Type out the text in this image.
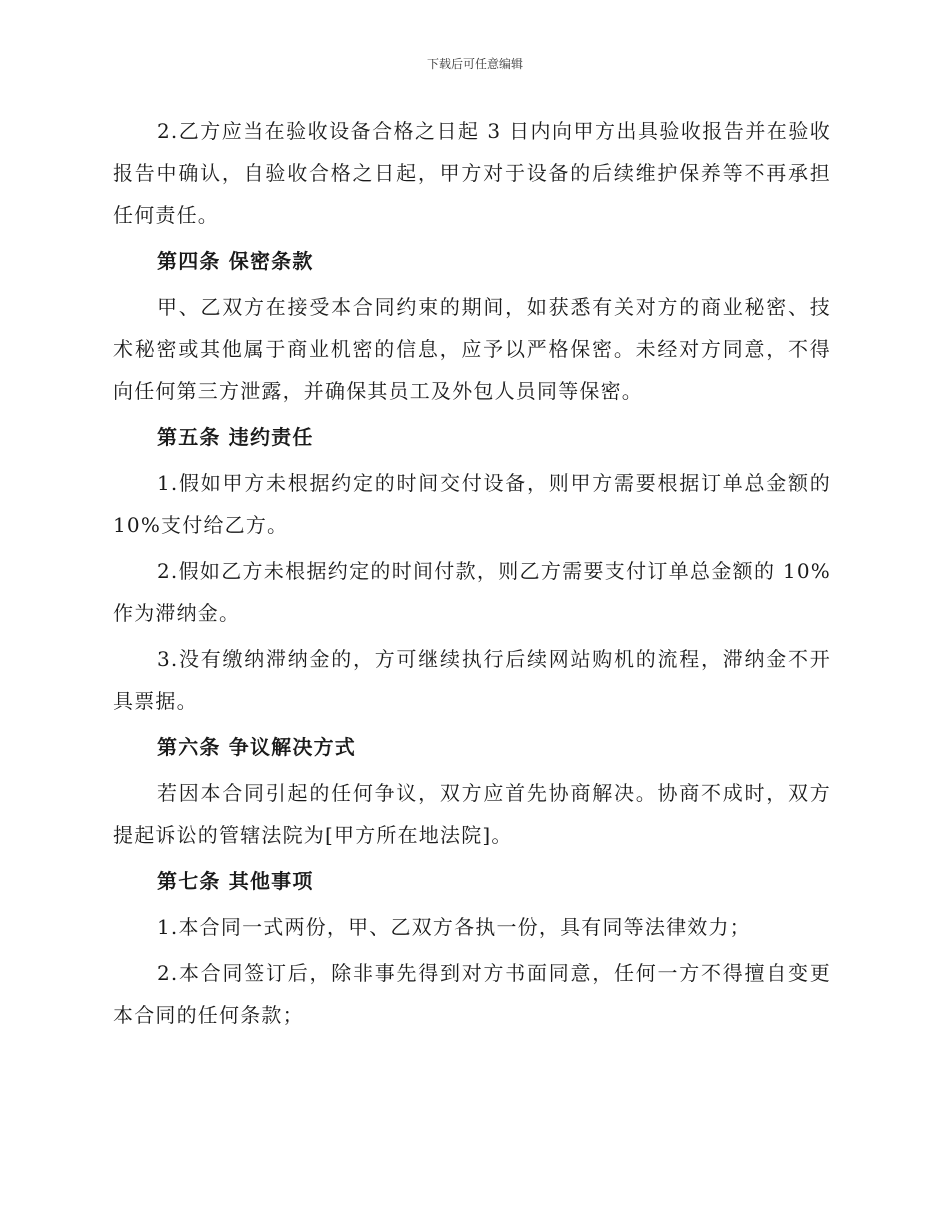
下载后可任意编辑

2.乙方应当在验收设备合格之日起 3 日内向甲方出具验收报告并在验收报告中确认，自验收合格之日起，甲方对于设备的后续维护保养等不再承担任何责任。

第四条 保密条款

甲、乙双方在接受本合同约束的期间，如获悉有关对方的商业秘密、技术秘密或其他属于商业机密的信息，应予以严格保密。未经对方同意，不得向任何第三方泄露，并确保其员工及外包人员同等保密。

第五条 违约责任

1.假如甲方未根据约定的时间交付设备，则甲方需要根据订单总金额的10%支付给乙方。

2.假如乙方未根据约定的时间付款，则乙方需要支付订单总金额的 10%作为滞纳金。

3.没有缴纳滞纳金的，方可继续执行后续网站购机的流程，滞纳金不开具票据。

第六条 争议解决方式

若因本合同引起的任何争议，双方应首先协商解决。协商不成时，双方提起诉讼的管辖法院为[甲方所在地法院]。

第七条 其他事项

1.本合同一式两份，甲、乙双方各执一份，具有同等法律效力；

2.本合同签订后，除非事先得到对方书面同意，任何一方不得擅自变更本合同的任何条款；
